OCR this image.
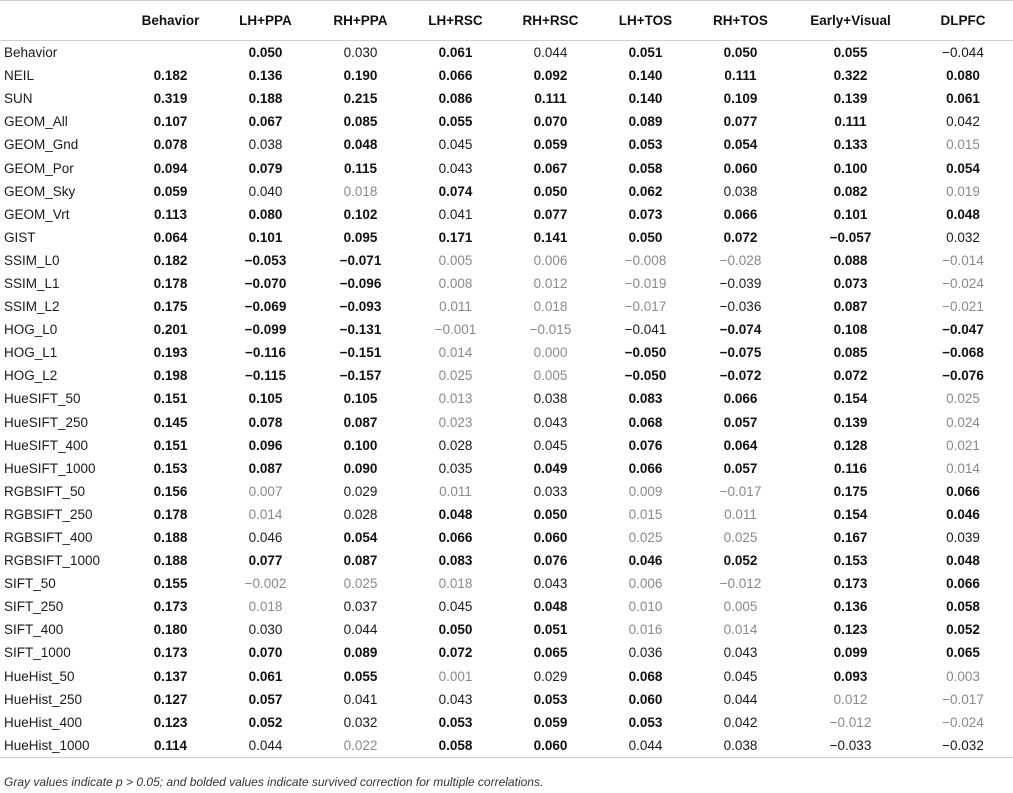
	Behavior	LH+PPA	RH+PPA	LH+RSC	RH+RSC	LH+TOS	RH+TOS	Early+Visual	DLPFC
Behavior		0.050	0.030	0.061	0.044	0.051	0.050	0.055	−0.044
NEIL	0.182	0.136	0.190	0.066	0.092	0.140	0.111	0.322	0.080
SUN	0.319	0.188	0.215	0.086	0.111	0.140	0.109	0.139	0.061
GEOM_All	0.107	0.067	0.085	0.055	0.070	0.089	0.077	0.111	0.042
GEOM_Gnd	0.078	0.038	0.048	0.045	0.059	0.053	0.054	0.133	0.015
GEOM_Por	0.094	0.079	0.115	0.043	0.067	0.058	0.060	0.100	0.054
GEOM_Sky	0.059	0.040	0.018	0.074	0.050	0.062	0.038	0.082	0.019
GEOM_Vrt	0.113	0.080	0.102	0.041	0.077	0.073	0.066	0.101	0.048
GIST	0.064	0.101	0.095	0.171	0.141	0.050	0.072	−0.057	0.032
SSIM_L0	0.182	−0.053	−0.071	0.005	0.006	−0.008	−0.028	0.088	−0.014
SSIM_L1	0.178	−0.070	−0.096	0.008	0.012	−0.019	−0.039	0.073	−0.024
SSIM_L2	0.175	−0.069	−0.093	0.011	0.018	−0.017	−0.036	0.087	−0.021
HOG_L0	0.201	−0.099	−0.131	−0.001	−0.015	−0.041	−0.074	0.108	−0.047
HOG_L1	0.193	−0.116	−0.151	0.014	0.000	−0.050	−0.075	0.085	−0.068
HOG_L2	0.198	−0.115	−0.157	0.025	0.005	−0.050	−0.072	0.072	−0.076
HueSIFT_50	0.151	0.105	0.105	0.013	0.038	0.083	0.066	0.154	0.025
HueSIFT_250	0.145	0.078	0.087	0.023	0.043	0.068	0.057	0.139	0.024
HueSIFT_400	0.151	0.096	0.100	0.028	0.045	0.076	0.064	0.128	0.021
HueSIFT_1000	0.153	0.087	0.090	0.035	0.049	0.066	0.057	0.116	0.014
RGBSIFT_50	0.156	0.007	0.029	0.011	0.033	0.009	−0.017	0.175	0.066
RGBSIFT_250	0.178	0.014	0.028	0.048	0.050	0.015	0.011	0.154	0.046
RGBSIFT_400	0.188	0.046	0.054	0.066	0.060	0.025	0.025	0.167	0.039
RGBSIFT_1000	0.188	0.077	0.087	0.083	0.076	0.046	0.052	0.153	0.048
SIFT_50	0.155	−0.002	0.025	0.018	0.043	0.006	−0.012	0.173	0.066
SIFT_250	0.173	0.018	0.037	0.045	0.048	0.010	0.005	0.136	0.058
SIFT_400	0.180	0.030	0.044	0.050	0.051	0.016	0.014	0.123	0.052
SIFT_1000	0.173	0.070	0.089	0.072	0.065	0.036	0.043	0.099	0.065
HueHist_50	0.137	0.061	0.055	0.001	0.029	0.068	0.045	0.093	0.003
HueHist_250	0.127	0.057	0.041	0.043	0.053	0.060	0.044	0.012	−0.017
HueHist_400	0.123	0.052	0.032	0.053	0.059	0.053	0.042	−0.012	−0.024
HueHist_1000	0.114	0.044	0.022	0.058	0.060	0.044	0.038	−0.033	−0.032
Gray values indicate p > 0.05; and bolded values indicate survived correction for multiple correlations.
